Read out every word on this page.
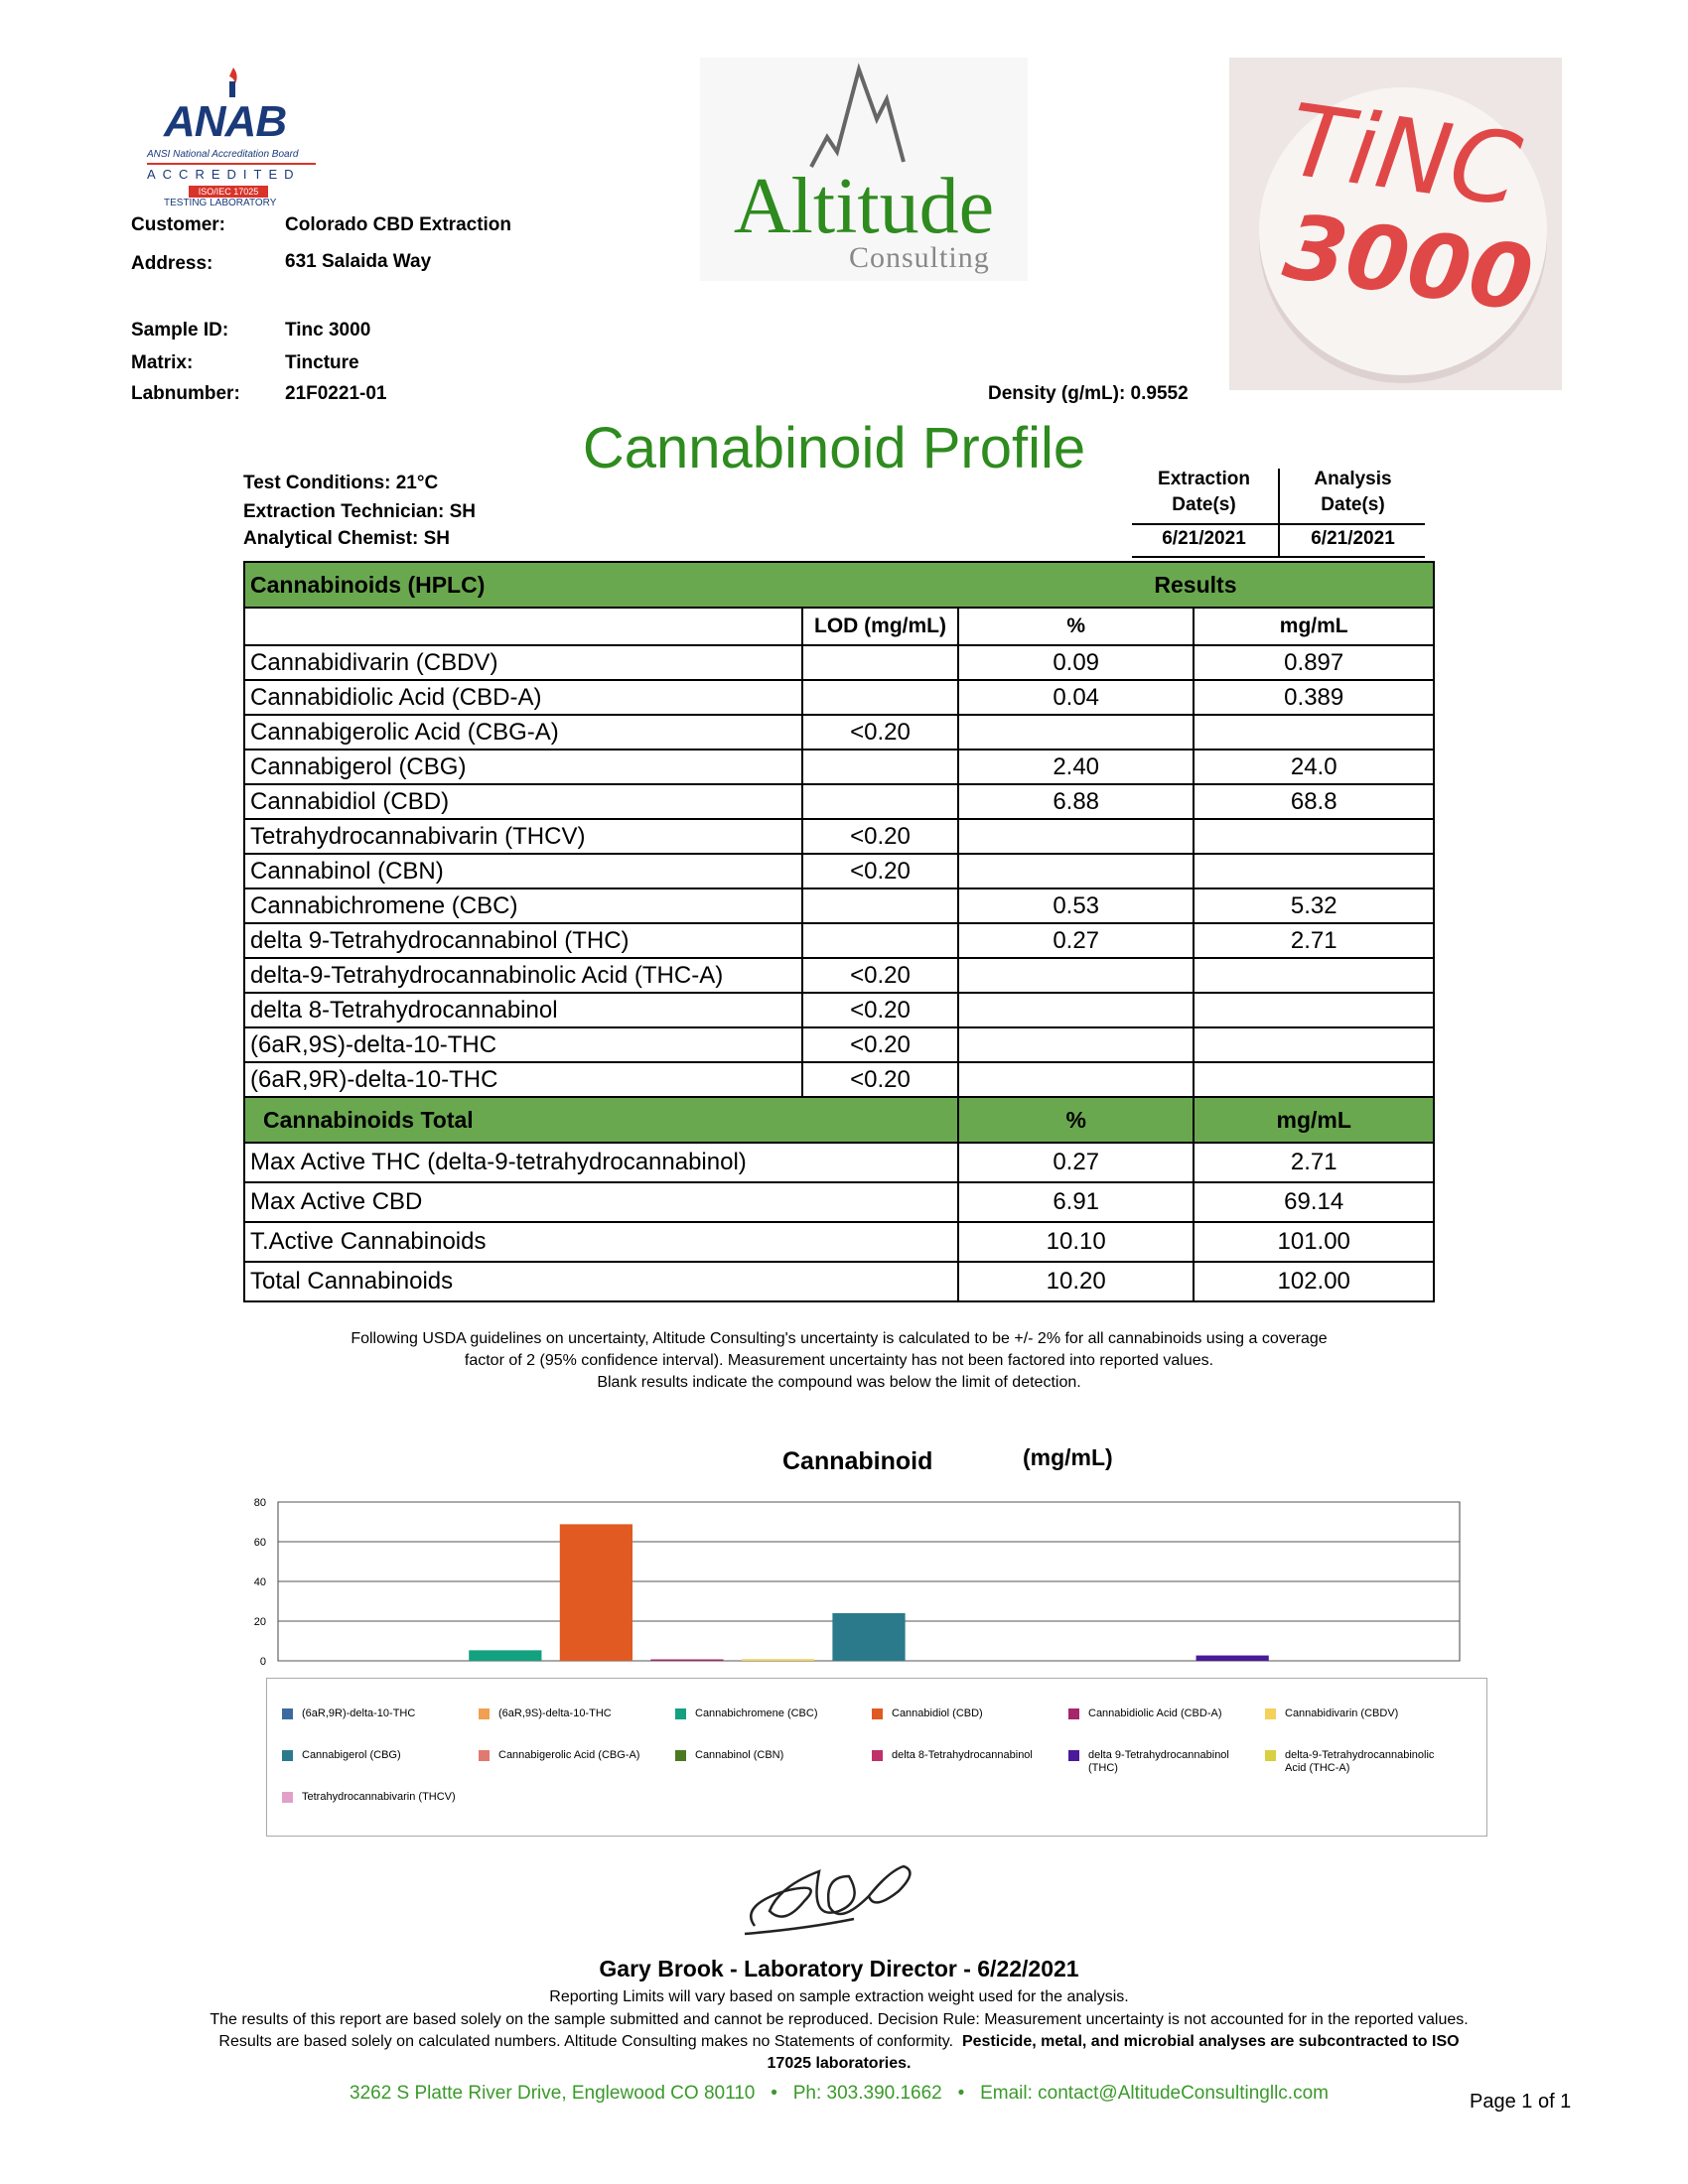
ANAB
ANSI National Accreditation Board
ACCREDITED
ISO/IEC 17025
TESTING LABORATORY	Altitude
Consulting
TiNC
3000
Customer:	Colorado CBD Extraction
Address:	631 Salaida Way
Sample ID:	Tinc 3000
Matrix:	Tincture
Labnumber: 21F0221-01	Density (g/mL): 0.9552
Cannabinoid Profile
Test Conditions: 21°C
Extraction Technician: SH
Analytical Chemist: SH
Extraction
Date(s)
Analysis
Date(s)
6/21/2021	6/21/2021
Cannabinoids (HPLC)		Results	
	LOD (mg/mL)	%	mg/mL
Cannabidivarin (CBDV)		0.09	0.897
Cannabidiolic Acid (CBD-A)		0.04	0.389
Cannabigerolic Acid (CBG-A)	<0.20		
Cannabigerol (CBG)		2.40	24.0
Cannabidiol (CBD)		6.88	68.8
Tetrahydrocannabivarin (THCV)	<0.20		
Cannabinol (CBN)	<0.20		
Cannabichromene (CBC)		0.53	5.32
delta 9-Tetrahydrocannabinol (THC)		0.27	2.71
delta-9-Tetrahydrocannabinolic Acid (THC-A)	<0.20		
delta 8-Tetrahydrocannabinol	<0.20		
(6aR,9S)-delta-10-THC	<0.20		
(6aR,9R)-delta-10-THC	<0.20		
Cannabinoids Total		%	mg/mL
Max Active THC (delta-9-tetrahydrocannabinol)		0.27	2.71
Max Active CBD		6.91	69.14
T.Active Cannabinoids		10.10	101.00
Total Cannabinoids		10.20	102.00
Following USDA guidelines on uncertainty, Altitude Consulting's uncertainty is calculated to be +/- 2% for all cannabinoids using a coverage
factor of 2 (95% confidence interval). Measurement uncertainty has not been factored into reported values.
Blank results indicate the compound was below the limit of detection.
Cannabinoid	(mg/mL)
0
20
40
60
80
(6aR,9R)-delta-10-THC	(6aR,9S)-delta-10-THC	Cannabichromene (CBC)	Cannabidiol (CBD)	Cannabidiolic Acid (CBD-A)	Cannabidivarin (CBDV)
Cannabigerol (CBG)	Cannabigerolic Acid (CBG-A)	Cannabinol (CBN)	delta 8-Tetrahydrocannabinol	delta 9-Tetrahydrocannabinol (THC)
delta-9-Tetrahydrocannabinolic Acid (THC-A)
Tetrahydrocannabivarin (THCV)
Gary Brook - Laboratory Director - 6/22/2021
Reporting Limits will vary based on sample extraction weight used for the analysis.
The results of this report are based solely on the sample submitted and cannot be reproduced. Decision Rule: Measurement uncertainty is not accounted for in the reported values.
Results are based solely on calculated numbers. Altitude Consulting makes no Statements of conformity. Pesticide, metal, and microbial analyses are subcontracted to ISO
17025 laboratories.
3262 S Platte River Drive, Englewood CO 80110 • Ph: 303.390.1662 • Email: contact@AltitudeConsultingllc.com	Page 1 of 1
